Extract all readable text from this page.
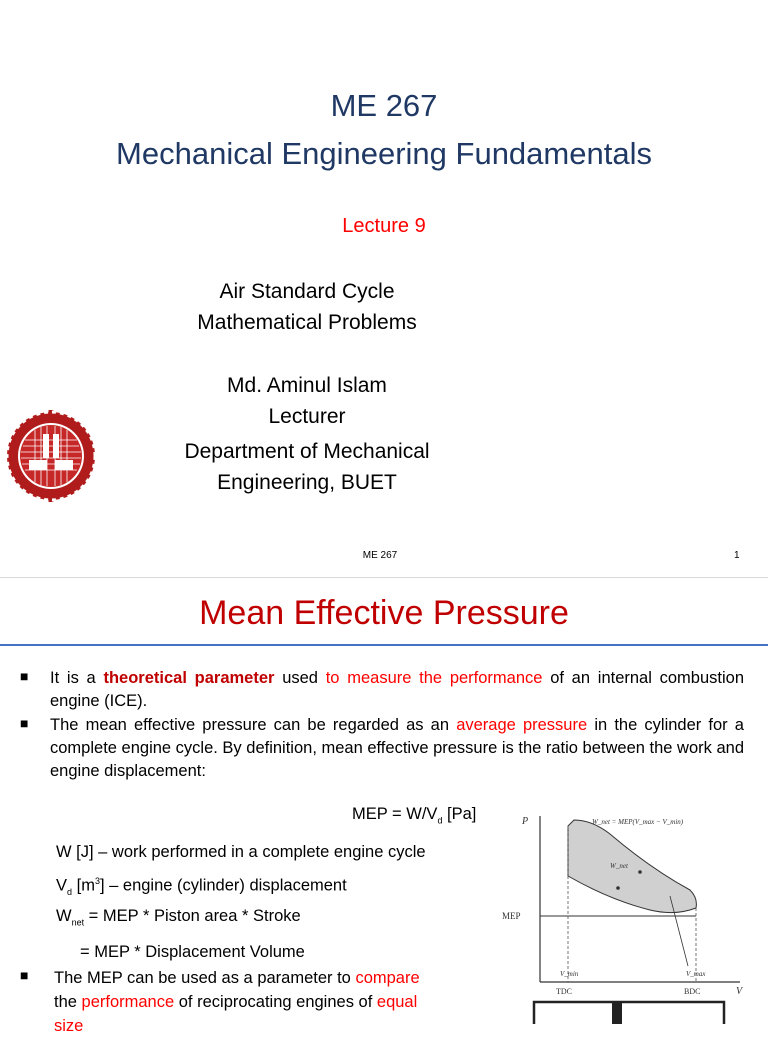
ME 267
Mechanical Engineering Fundamentals
Lecture 9
Air Standard Cycle
Mathematical Problems
Md. Aminul Islam
Lecturer
Department of Mechanical
Engineering, BUET
ME 267	1
Mean Effective Pressure
■ It is a theoretical parameter used to measure the performance of an internal combustion engine (ICE).
■ The mean effective pressure can be regarded as an average pressure in the cylinder for a complete engine cycle. By definition, mean effective pressure is the ratio between the work and engine displacement:
MEP = $W/V_d$ [Pa]
W [J] – work performed in a complete engine cycle
$V_d$ $[m^3]$ – engine (cylinder) displacement
$W_{net}$ = MEP * Piston area * Stroke
= MEP * Displacement Volume
■ The MEP can be used as a parameter to compare
the performance of reciprocating engines of equal
size
P
V
MEP
W_net = MEP(V_max − V_min)
W_net
V_min	V_max
TDC	BDC
